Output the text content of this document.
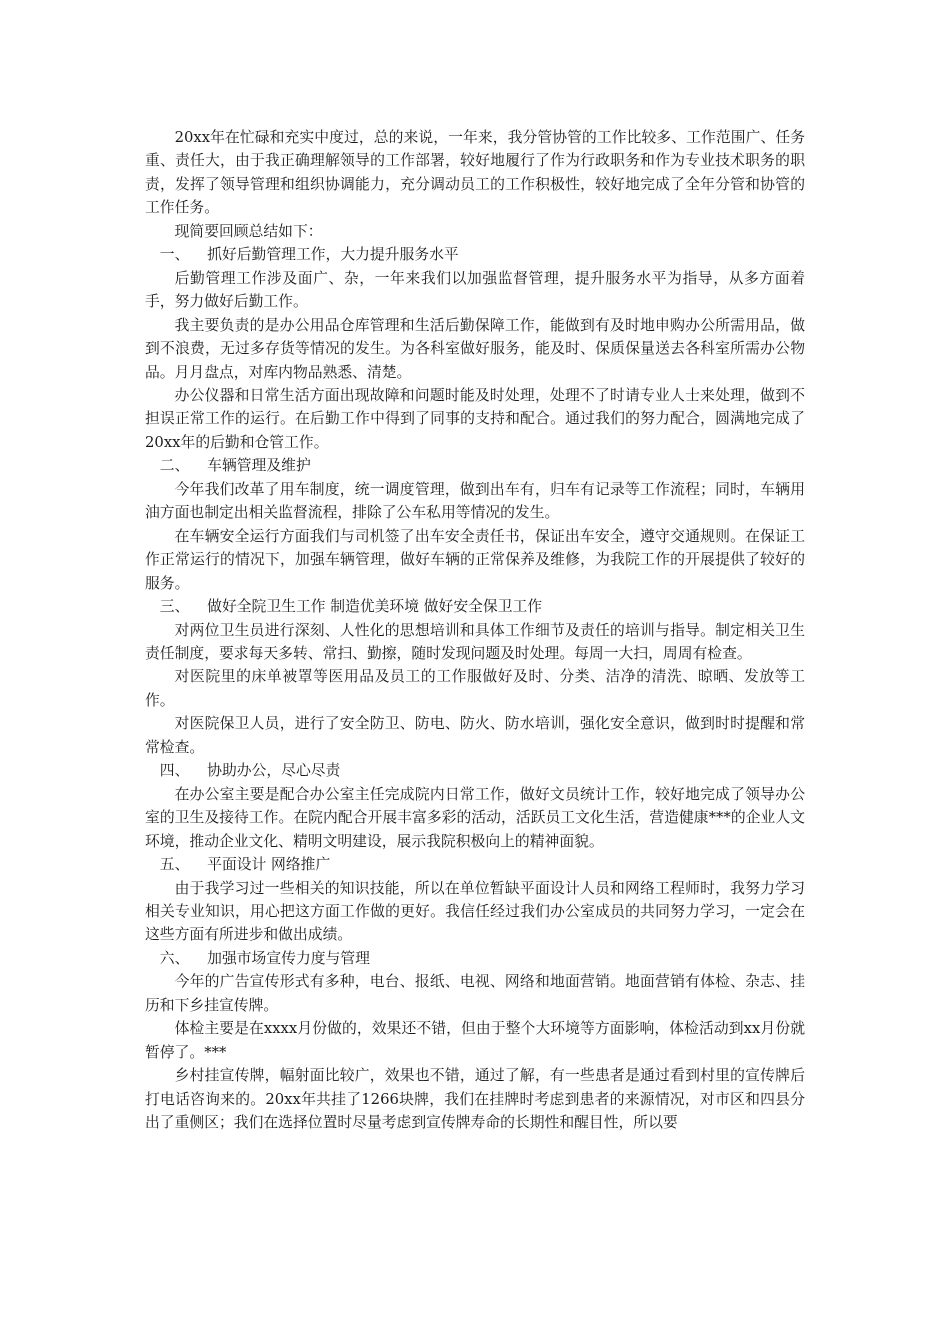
20xx年在忙碌和充实中度过，总的来说，一年来，我分管协管的工作比较多、工作范围广、任务重、责任大，由于我正确理解领导的工作部署，较好地履行了作为行政职务和作为专业技术职务的职责，发挥了领导管理和组织协调能力，充分调动员工的工作积极性，较好地完成了全年分管和协管的工作任务。

现简要回顾总结如下：

一、 抓好后勤管理工作，大力提升服务水平

后勤管理工作涉及面广、杂，一年来我们以加强监督管理，提升服务水平为指导，从多方面着手，努力做好后勤工作。

我主要负责的是办公用品仓库管理和生活后勤保障工作，能做到有及时地申购办公所需用品，做到不浪费，无过多存货等情况的发生。为各科室做好服务，能及时、保质保量送去各科室所需办公物品。月月盘点，对库内物品熟悉、清楚。

办公仪器和日常生活方面出现故障和问题时能及时处理，处理不了时请专业人士来处理，做到不担误正常工作的运行。在后勤工作中得到了同事的支持和配合。通过我们的努力配合，圆满地完成了20xx年的后勤和仓管工作。

二、 车辆管理及维护

今年我们改革了用车制度，统一调度管理，做到出车有，归车有记录等工作流程；同时，车辆用油方面也制定出相关监督流程，排除了公车私用等情况的发生。

在车辆安全运行方面我们与司机签了出车安全责任书，保证出车安全，遵守交通规则。在保证工作正常运行的情况下，加强车辆管理，做好车辆的正常保养及维修，为我院工作的开展提供了较好的服务。

三、 做好全院卫生工作 制造优美环境 做好安全保卫工作

对两位卫生员进行深刻、人性化的思想培训和具体工作细节及责任的培训与指导。制定相关卫生责任制度，要求每天多转、常扫、勤擦，随时发现问题及时处理。每周一大扫，周周有检查。

对医院里的床单被罩等医用品及员工的工作服做好及时、分类、洁净的清洗、晾晒、发放等工作。

对医院保卫人员，进行了安全防卫、防电、防火、防水培训，强化安全意识，做到时时提醒和常常检查。

四、 协助办公，尽心尽责

在办公室主要是配合办公室主任完成院内日常工作，做好文员统计工作，较好地完成了领导办公室的卫生及接待工作。在院内配合开展丰富多彩的活动，活跃员工文化生活，营造健康***的企业人文环境，推动企业文化、精明文明建设，展示我院积极向上的精神面貌。

五、 平面设计 网络推广

由于我学习过一些相关的知识技能，所以在单位暂缺平面设计人员和网络工程师时，我努力学习相关专业知识，用心把这方面工作做的更好。我信任经过我们办公室成员的共同努力学习，一定会在这些方面有所进步和做出成绩。

六、 加强市场宣传力度与管理

今年的广告宣传形式有多种，电台、报纸、电视、网络和地面营销。地面营销有体检、杂志、挂历和下乡挂宣传牌。

体检主要是在xxxx月份做的，效果还不错，但由于整个大环境等方面影响，体检活动到xx月份就暂停了。***

乡村挂宣传牌，幅射面比较广，效果也不错，通过了解，有一些患者是通过看到村里的宣传牌后打电话咨询来的。20xx年共挂了1266块牌，我们在挂牌时考虑到患者的来源情况，对市区和四县分出了重侧区；我们在选择位置时尽量考虑到宣传牌寿命的长期性和醒目性，所以要
